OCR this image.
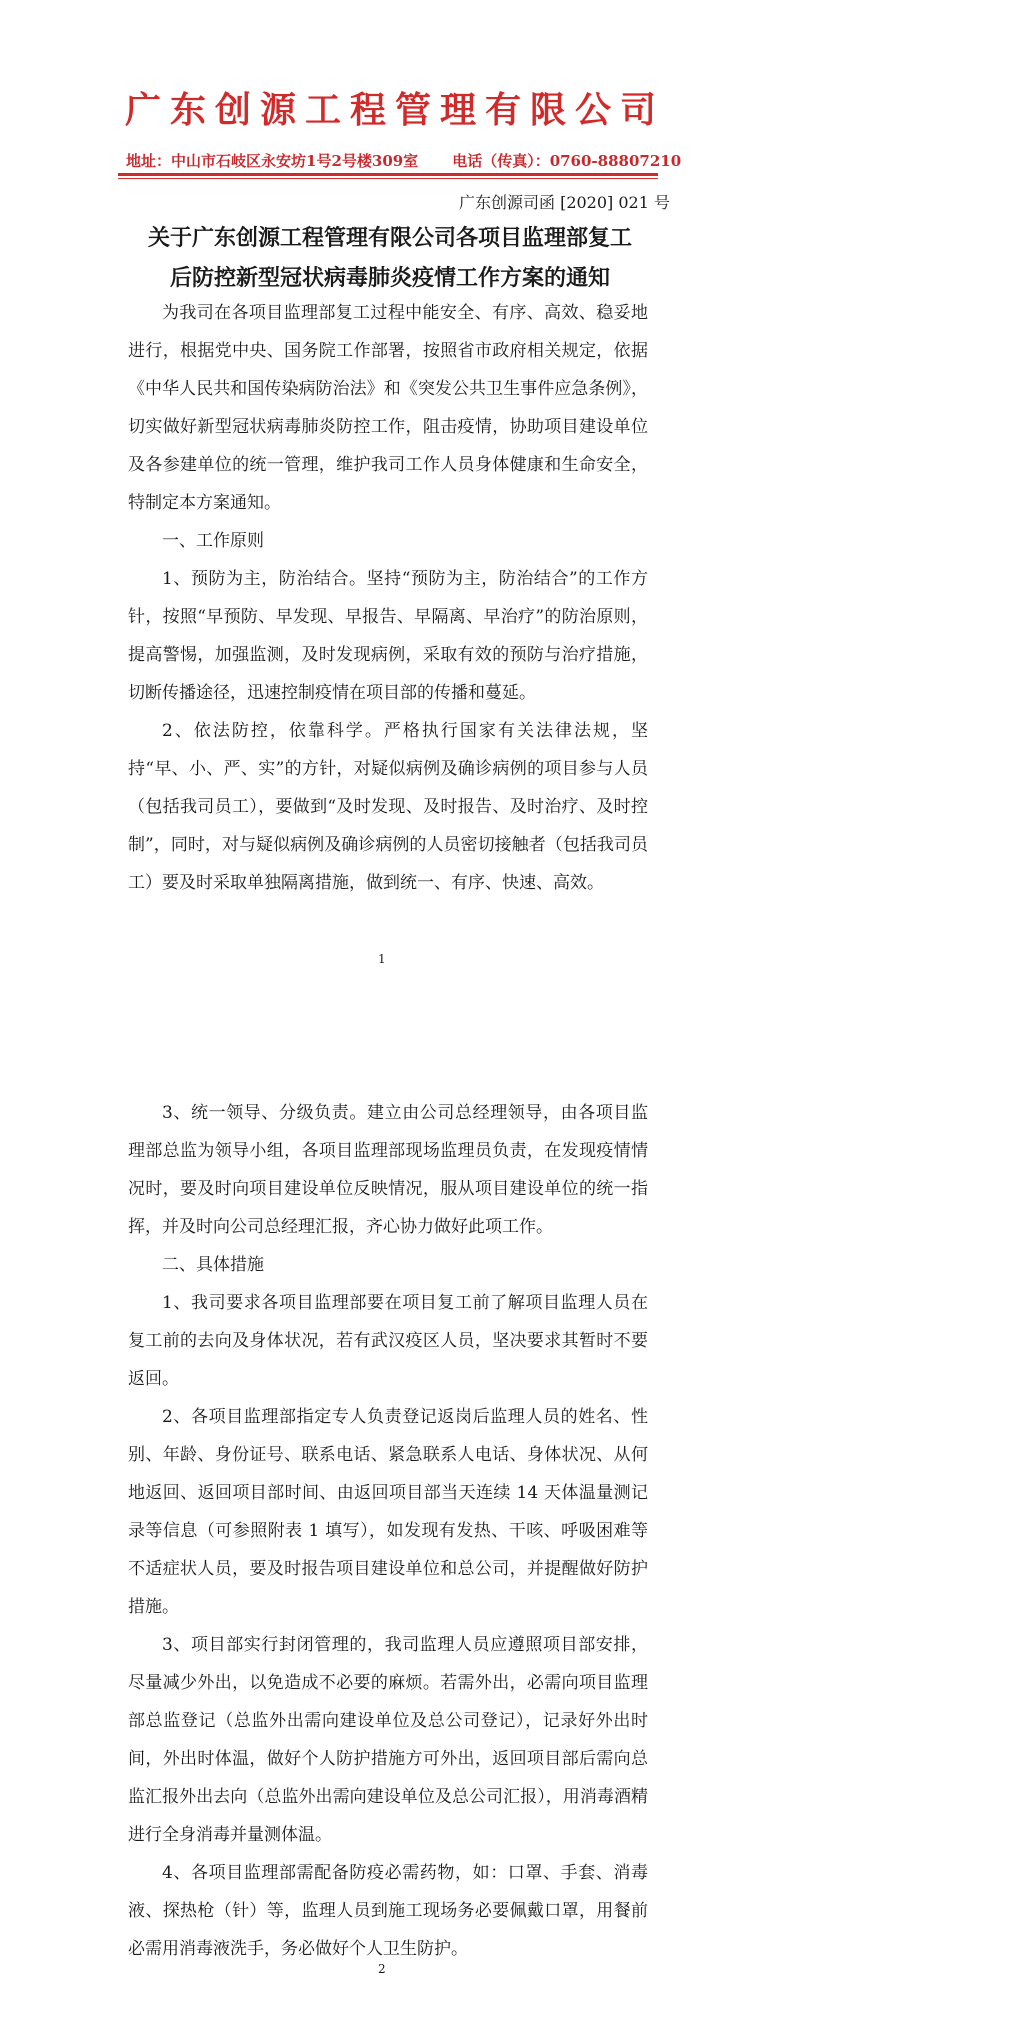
广东创源工程管理有限公司
地址：中山市石岐区永安坊1号2号楼309室 电话（传真）：0760-88807210
广东创源司函 [2020] 021 号
关于广东创源工程管理有限公司各项目监理部复工
后防控新型冠状病毒肺炎疫情工作方案的通知

为我司在各项目监理部复工过程中能安全、有序、高效、稳妥地进行，根据党中央、国务院工作部署，按照省市政府相关规定，依据《中华人民共和国传染病防治法》和《突发公共卫生事件应急条例》，切实做好新型冠状病毒肺炎防控工作，阻击疫情，协助项目建设单位及各参建单位的统一管理，维护我司工作人员身体健康和生命安全，特制定本方案通知。

一、工作原则

1、预防为主，防治结合。坚持“预防为主，防治结合”的工作方针，按照“早预防、早发现、早报告、早隔离、早治疗”的防治原则，提高警惕，加强监测，及时发现病例，采取有效的预防与治疗措施，切断传播途径，迅速控制疫情在项目部的传播和蔓延。

2、依法防控，依靠科学。严格执行国家有关法律法规，坚持“早、小、严、实”的方针，对疑似病例及确诊病例的项目参与人员（包括我司员工），要做到“及时发现、及时报告、及时治疗、及时控制”，同时，对与疑似病例及确诊病例的人员密切接触者（包括我司员工）要及时采取单独隔离措施，做到统一、有序、快速、高效。

1

3、统一领导、分级负责。建立由公司总经理领导，由各项目监理部总监为领导小组，各项目监理部现场监理员负责，在发现疫情情况时，要及时向项目建设单位反映情况，服从项目建设单位的统一指挥，并及时向公司总经理汇报，齐心协力做好此项工作。

二、具体措施

1、我司要求各项目监理部要在项目复工前了解项目监理人员在复工前的去向及身体状况，若有武汉疫区人员，坚决要求其暂时不要返回。

2、各项目监理部指定专人负责登记返岗后监理人员的姓名、性别、年龄、身份证号、联系电话、紧急联系人电话、身体状况、从何地返回、返回项目部时间、由返回项目部当天连续 14 天体温量测记录等信息（可参照附表 1 填写），如发现有发热、干咳、呼吸困难等不适症状人员，要及时报告项目建设单位和总公司，并提醒做好防护措施。

3、项目部实行封闭管理的，我司监理人员应遵照项目部安排，尽量减少外出，以免造成不必要的麻烦。若需外出，必需向项目监理部总监登记（总监外出需向建设单位及总公司登记），记录好外出时间，外出时体温，做好个人防护措施方可外出，返回项目部后需向总监汇报外出去向（总监外出需向建设单位及总公司汇报），用消毒酒精进行全身消毒并量测体温。

4、各项目监理部需配备防疫必需药物，如：口罩、手套、消毒液、探热枪（针）等，监理人员到施工现场务必要佩戴口罩，用餐前必需用消毒液洗手，务必做好个人卫生防护。

2
